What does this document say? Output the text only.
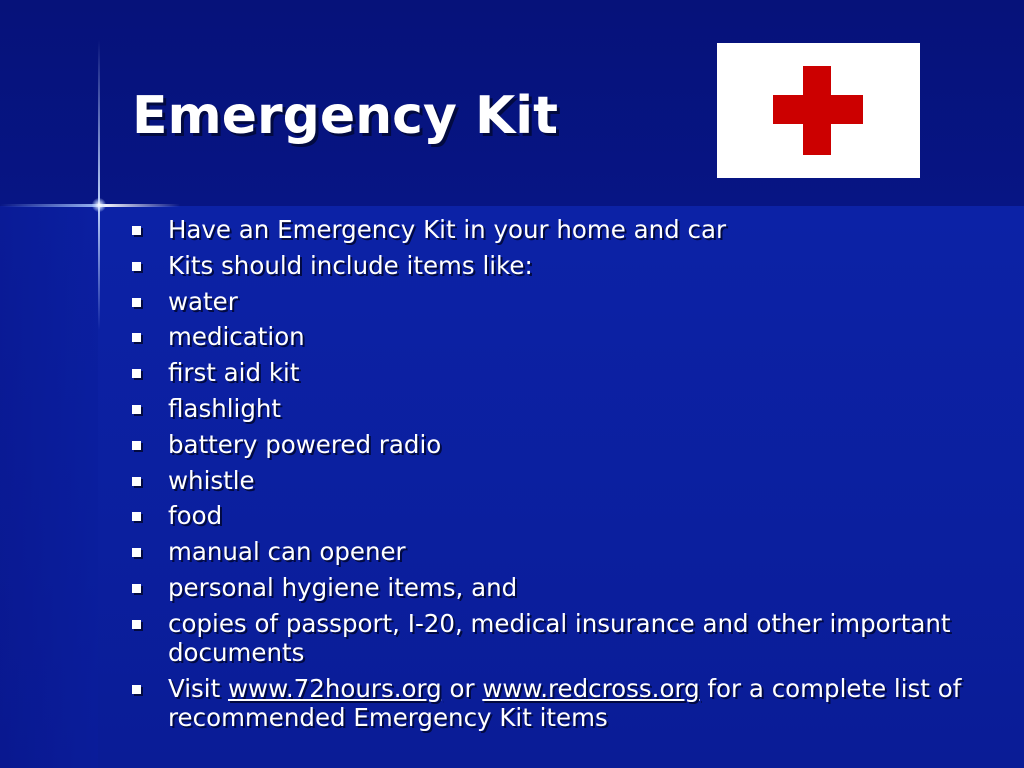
Emergency Kit
Have an Emergency Kit in your home and car
Kits should include items like:
water
medication
first aid kit
flashlight
battery powered radio
whistle
food
manual can opener
personal hygiene items, and
copies of passport, I-20, medical insurance and other important documents
Visit www.72hours.org or www.redcross.org for a complete list of recommended Emergency Kit items
